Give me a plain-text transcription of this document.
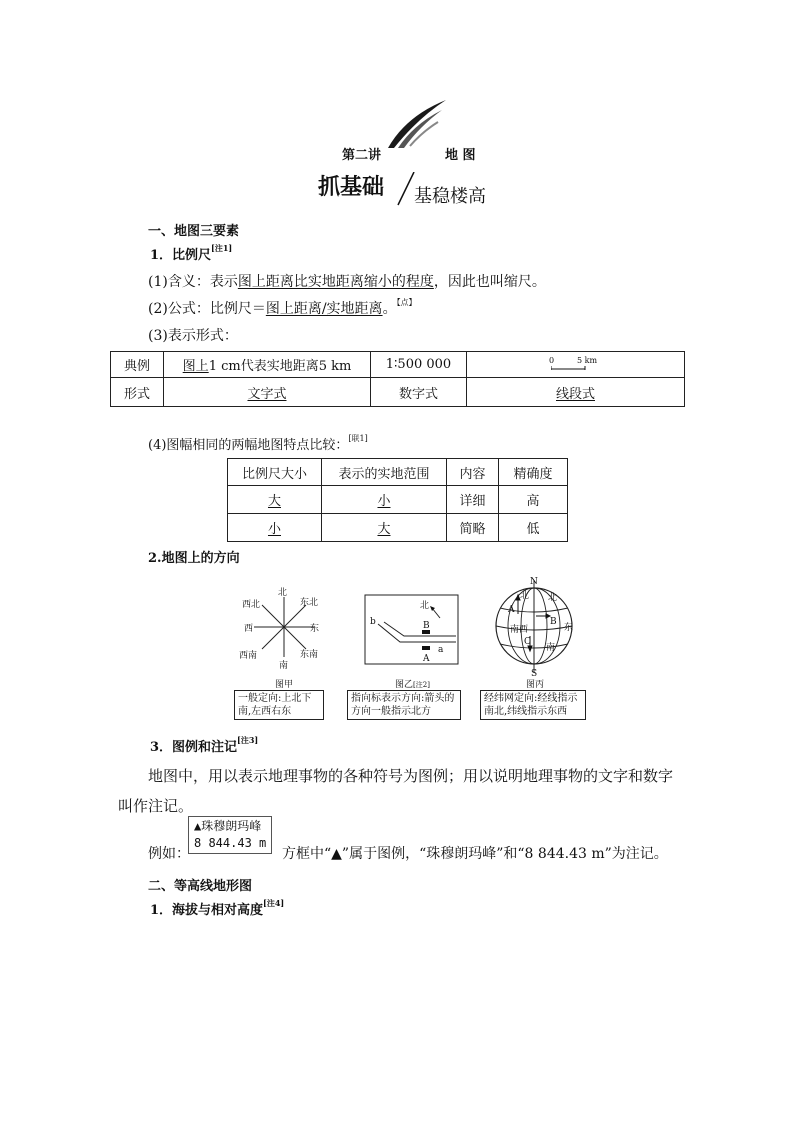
第二讲	地 图
抓基础 基稳楼高
一、地图三要素
1．比例尺[注1]
(1)含义：表示图上距离比实地距离缩小的程度，因此也叫缩尺。
(2)公式：比例尺＝图上距离/实地距离。$^{【点】}$
(3)表示形式：
典例	图上1 cm代表实地距离5 km	1∶500 000	0 5 km

形式	文字式	数字式	线段式
(4)图幅相同的两幅地图特点比较：[联1]
比例尺大小	表示的实地范围	内容	精确度
大	小	详细	高
小	大	简略	低
2.地图上的方向
北
东北
东
东南
南
西南
西
西北
图甲
一般定向:上北下南,左西右东
北
b	B
a
A
图乙[注2]
指向标表示方向:箭头的方向一般指示北方
N
S
北 北
A
B
南西	东
C
南
图丙
经纬网定向:经线指示南北,纬线指示东西
3．图例和注记[注3]
地图中，用以表示地理事物的各种符号为图例；用以说明地理事物的文字和数字叫作注记。
例如：
▲珠穆朗玛峰
8 844.43 m
方框中“▲”属于图例，“珠穆朗玛峰”和“8 844.43 m”为注记。
二、等高线地形图
1．海拔与相对高度[注4]
